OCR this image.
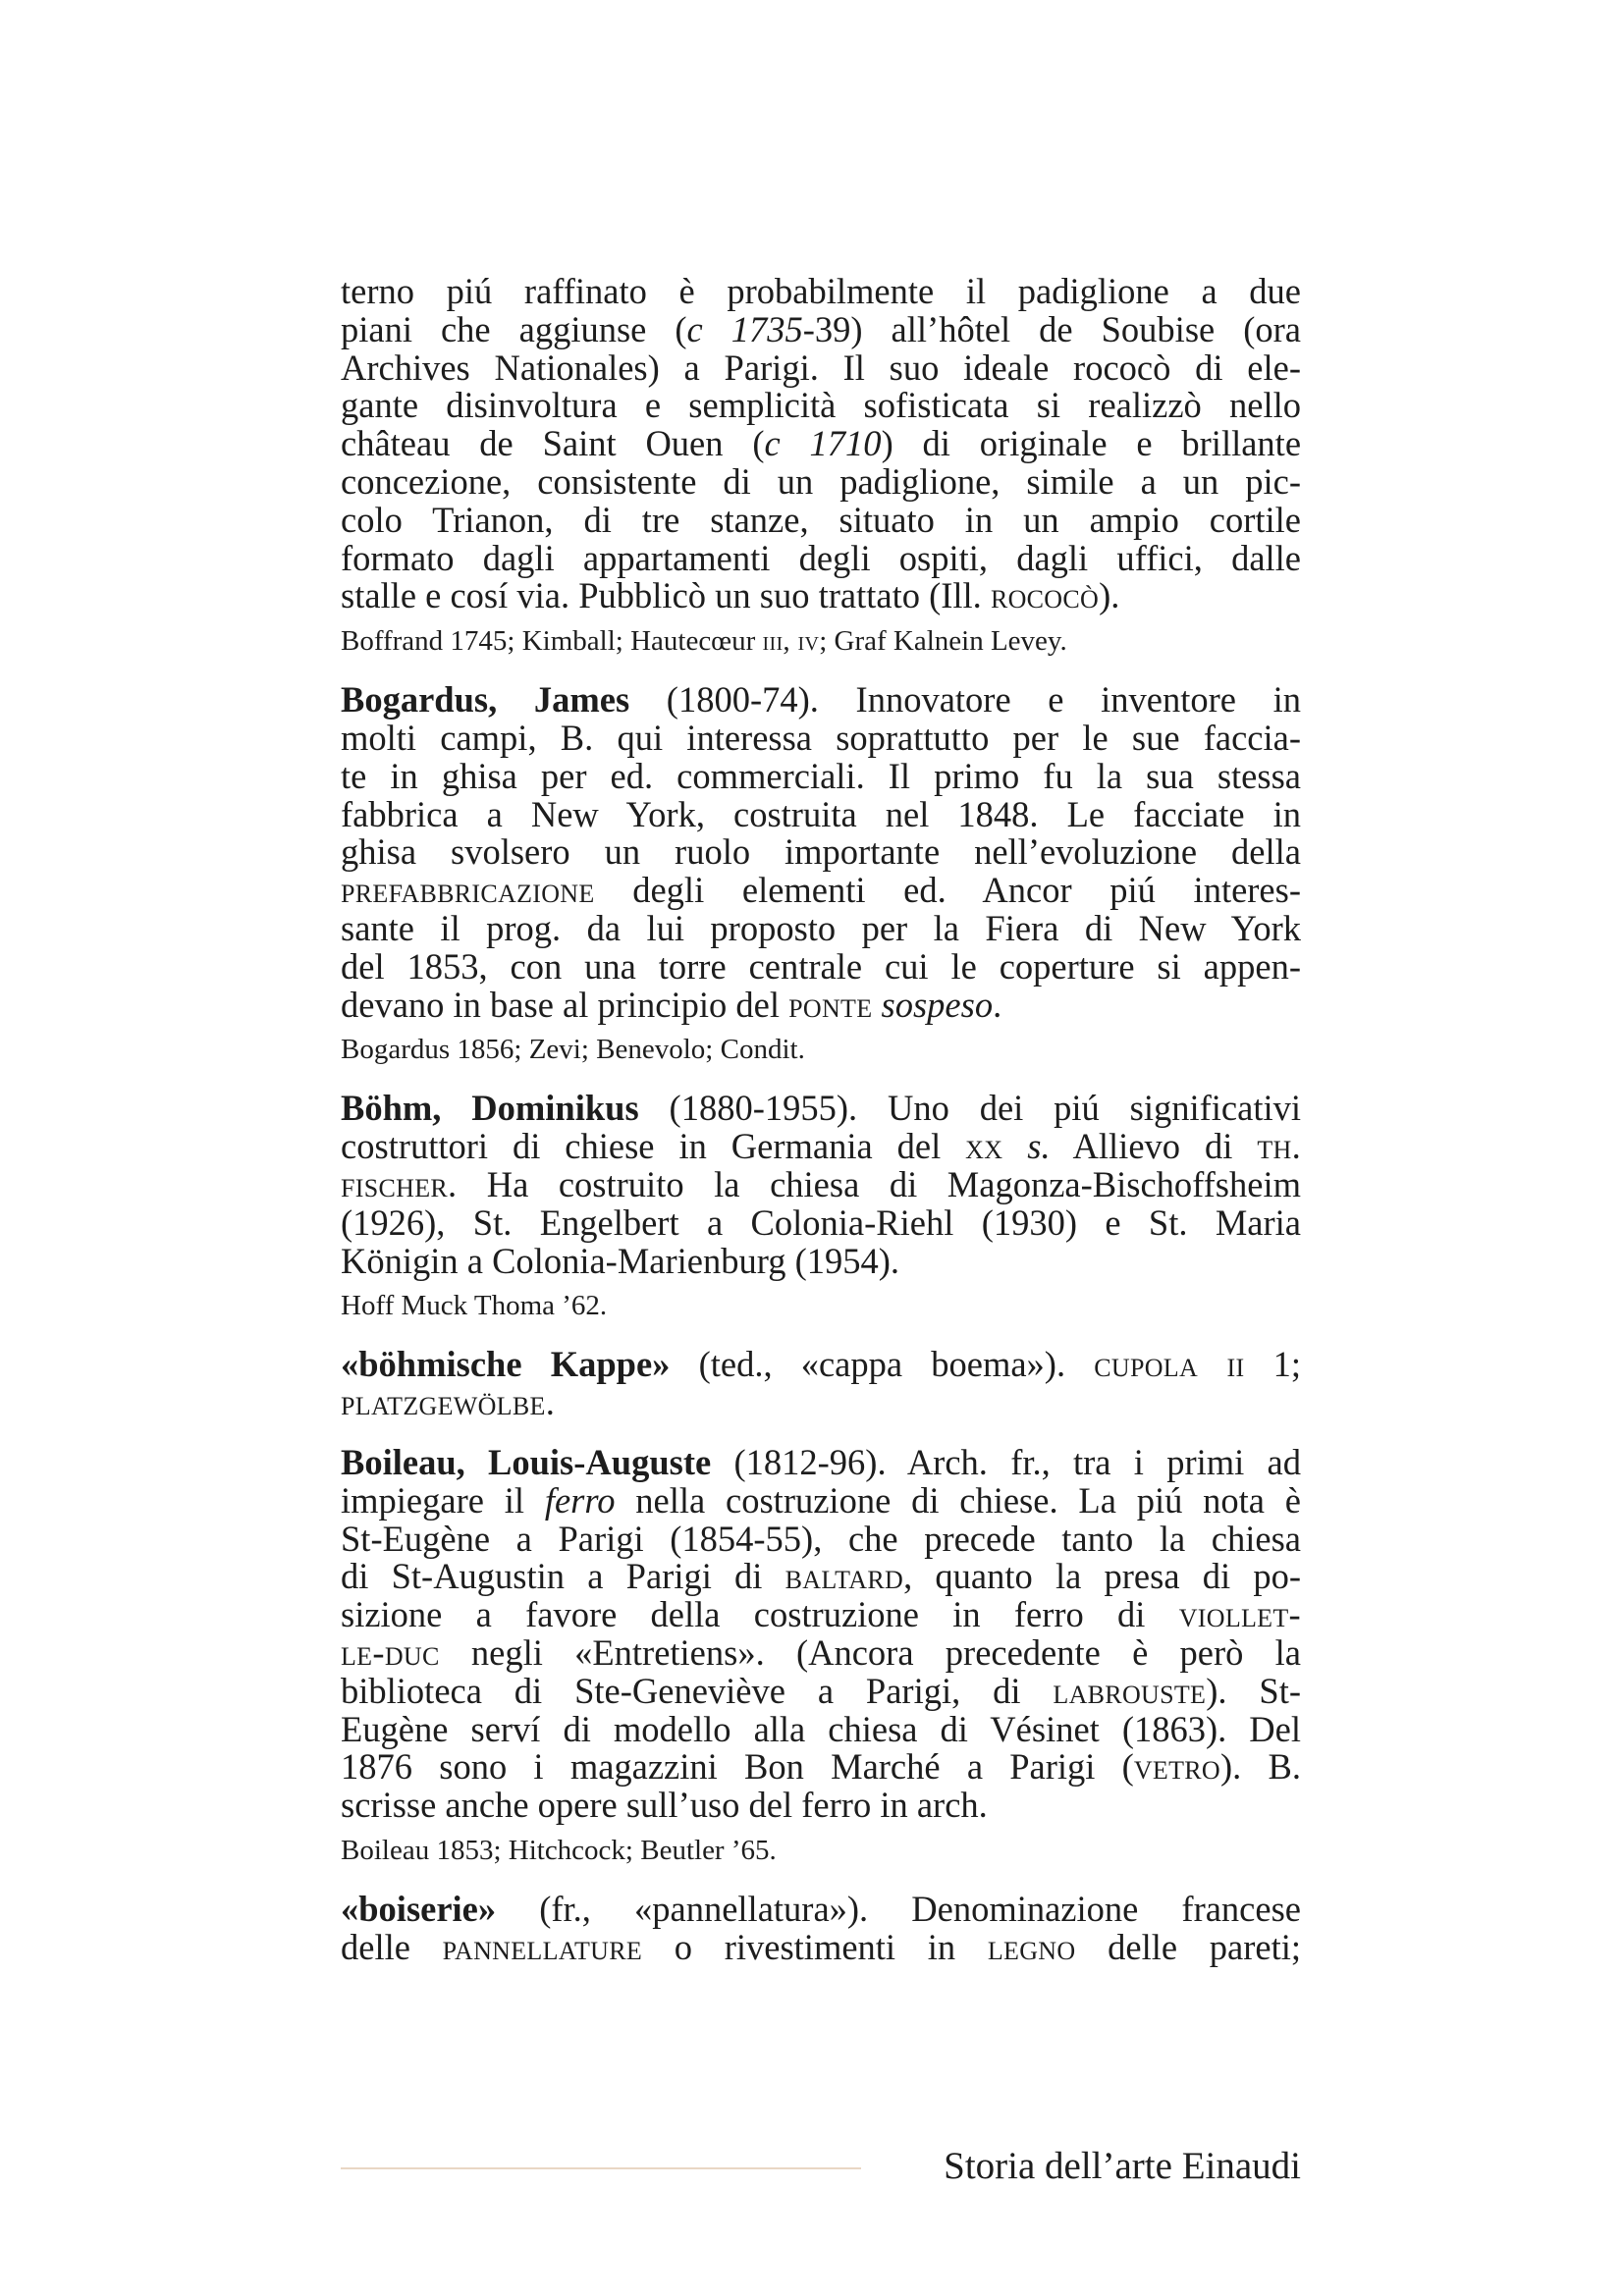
terno piú raffinato è probabilmente il padiglione a due
piani che aggiunse (c 1735-39) all’hôtel de Soubise (ora
Archives Nationales) a Parigi. Il suo ideale rococò di ele-
gante disinvoltura e semplicità sofisticata si realizzò nello
château de Saint Ouen (c 1710) di originale e brillante
concezione, consistente di un padiglione, simile a un pic-
colo Trianon, di tre stanze, situato in un ampio cortile
formato dagli appartamenti degli ospiti, dagli uffici, dalle
stalle e cosí via. Pubblicò un suo trattato (Ill. rococò).
Boffrand 1745; Kimball; Hautecœur iii, iv; Graf Kalnein Levey.
Bogardus, James (1800-74). Innovatore e inventore in
molti campi, B. qui interessa soprattutto per le sue faccia-
te in ghisa per ed. commerciali. Il primo fu la sua stessa
fabbrica a New York, costruita nel 1848. Le facciate in
ghisa svolsero un ruolo importante nell’evoluzione della
prefabbricazione degli elementi ed. Ancor piú interes-
sante il prog. da lui proposto per la Fiera di New York
del 1853, con una torre centrale cui le coperture si appen-
devano in base al principio del ponte sospeso.
Bogardus 1856; Zevi; Benevolo; Condit.
Böhm, Dominikus (1880-1955). Uno dei piú significativi
costruttori di chiese in Germania del xx s. Allievo di th.
fischer. Ha costruito la chiesa di Magonza-Bischoffsheim
(1926), St. Engelbert a Colonia-Riehl (1930) e St. Maria
Königin a Colonia-Marienburg (1954).
Hoff Muck Thoma ’62.
«böhmische Kappe» (ted., «cappa boema»). cupola ii 1;
platzgewölbe.
Boileau, Louis-Auguste (1812-96). Arch. fr., tra i primi ad
impiegare il ferro nella costruzione di chiese. La piú nota è
St-Eugène a Parigi (1854-55), che precede tanto la chiesa
di St-Augustin a Parigi di baltard, quanto la presa di po-
sizione a favore della costruzione in ferro di viollet-
le-duc negli «Entretiens». (Ancora precedente è però la
biblioteca di Ste-Geneviève a Parigi, di labrouste). St-
Eugène serví di modello alla chiesa di Vésinet (1863). Del
1876 sono i magazzini Bon Marché a Parigi (vetro). B.
scrisse anche opere sull’uso del ferro in arch.
Boileau 1853; Hitchcock; Beutler ’65.
«boiserie» (fr., «pannellatura»). Denominazione francese
delle pannellature o rivestimenti in legno delle pareti;
Storia dell’arte Einaudi
